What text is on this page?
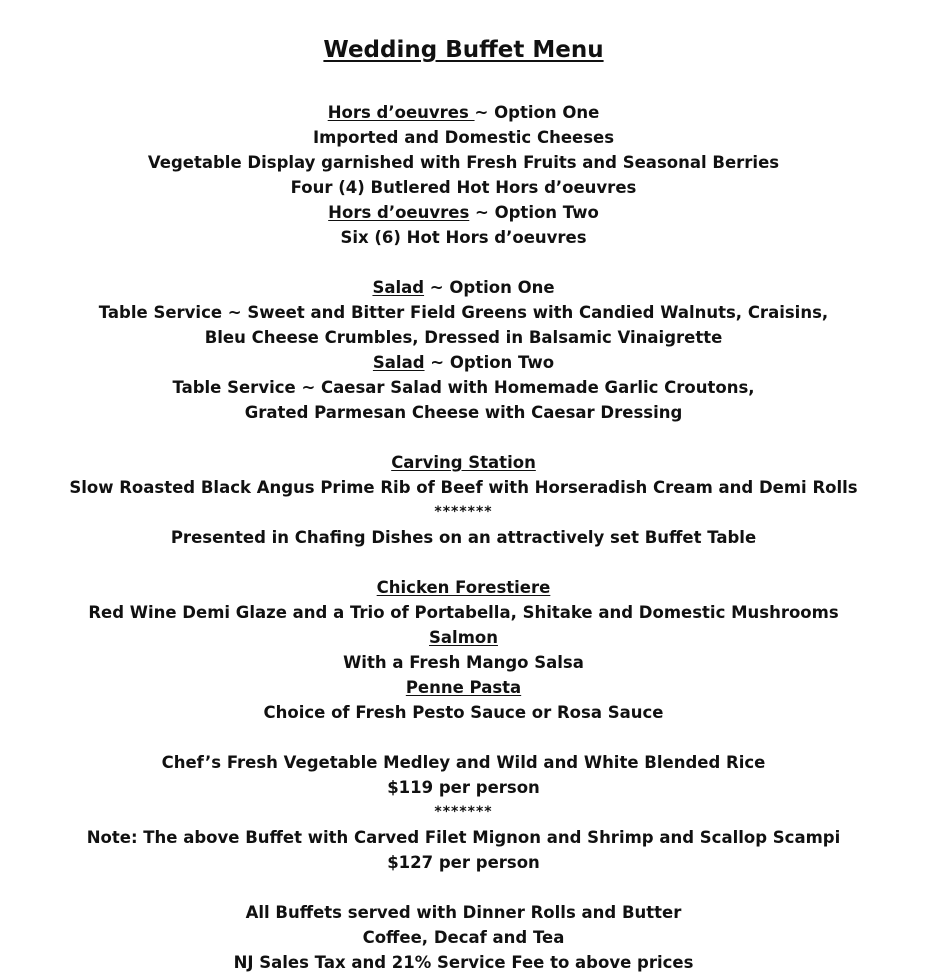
Wedding Buffet Menu
Hors d’oeuvres ~ Option One
Imported and Domestic Cheeses
Vegetable Display garnished with Fresh Fruits and Seasonal Berries
Four (4) Butlered Hot Hors d’oeuvres
Hors d’oeuvres ~ Option Two
Six (6) Hot Hors d’oeuvres
Salad ~ Option One
Table Service ~ Sweet and Bitter Field Greens with Candied Walnuts, Craisins,
Bleu Cheese Crumbles, Dressed in Balsamic Vinaigrette
Salad ~ Option Two
Table Service ~ Caesar Salad with Homemade Garlic Croutons,
Grated Parmesan Cheese with Caesar Dressing
Carving Station
Slow Roasted Black Angus Prime Rib of Beef with Horseradish Cream and Demi Rolls
*******
Presented in Chafing Dishes on an attractively set Buffet Table
Chicken Forestiere
Red Wine Demi Glaze and a Trio of Portabella, Shitake and Domestic Mushrooms
Salmon
With a Fresh Mango Salsa
Penne Pasta
Choice of Fresh Pesto Sauce or Rosa Sauce
Chef’s Fresh Vegetable Medley and Wild and White Blended Rice
$119 per person
*******
Note: The above Buffet with Carved Filet Mignon and Shrimp and Scallop Scampi
$127 per person
All Buffets served with Dinner Rolls and Butter
Coffee, Decaf and Tea
NJ Sales Tax and 21% Service Fee to above prices
